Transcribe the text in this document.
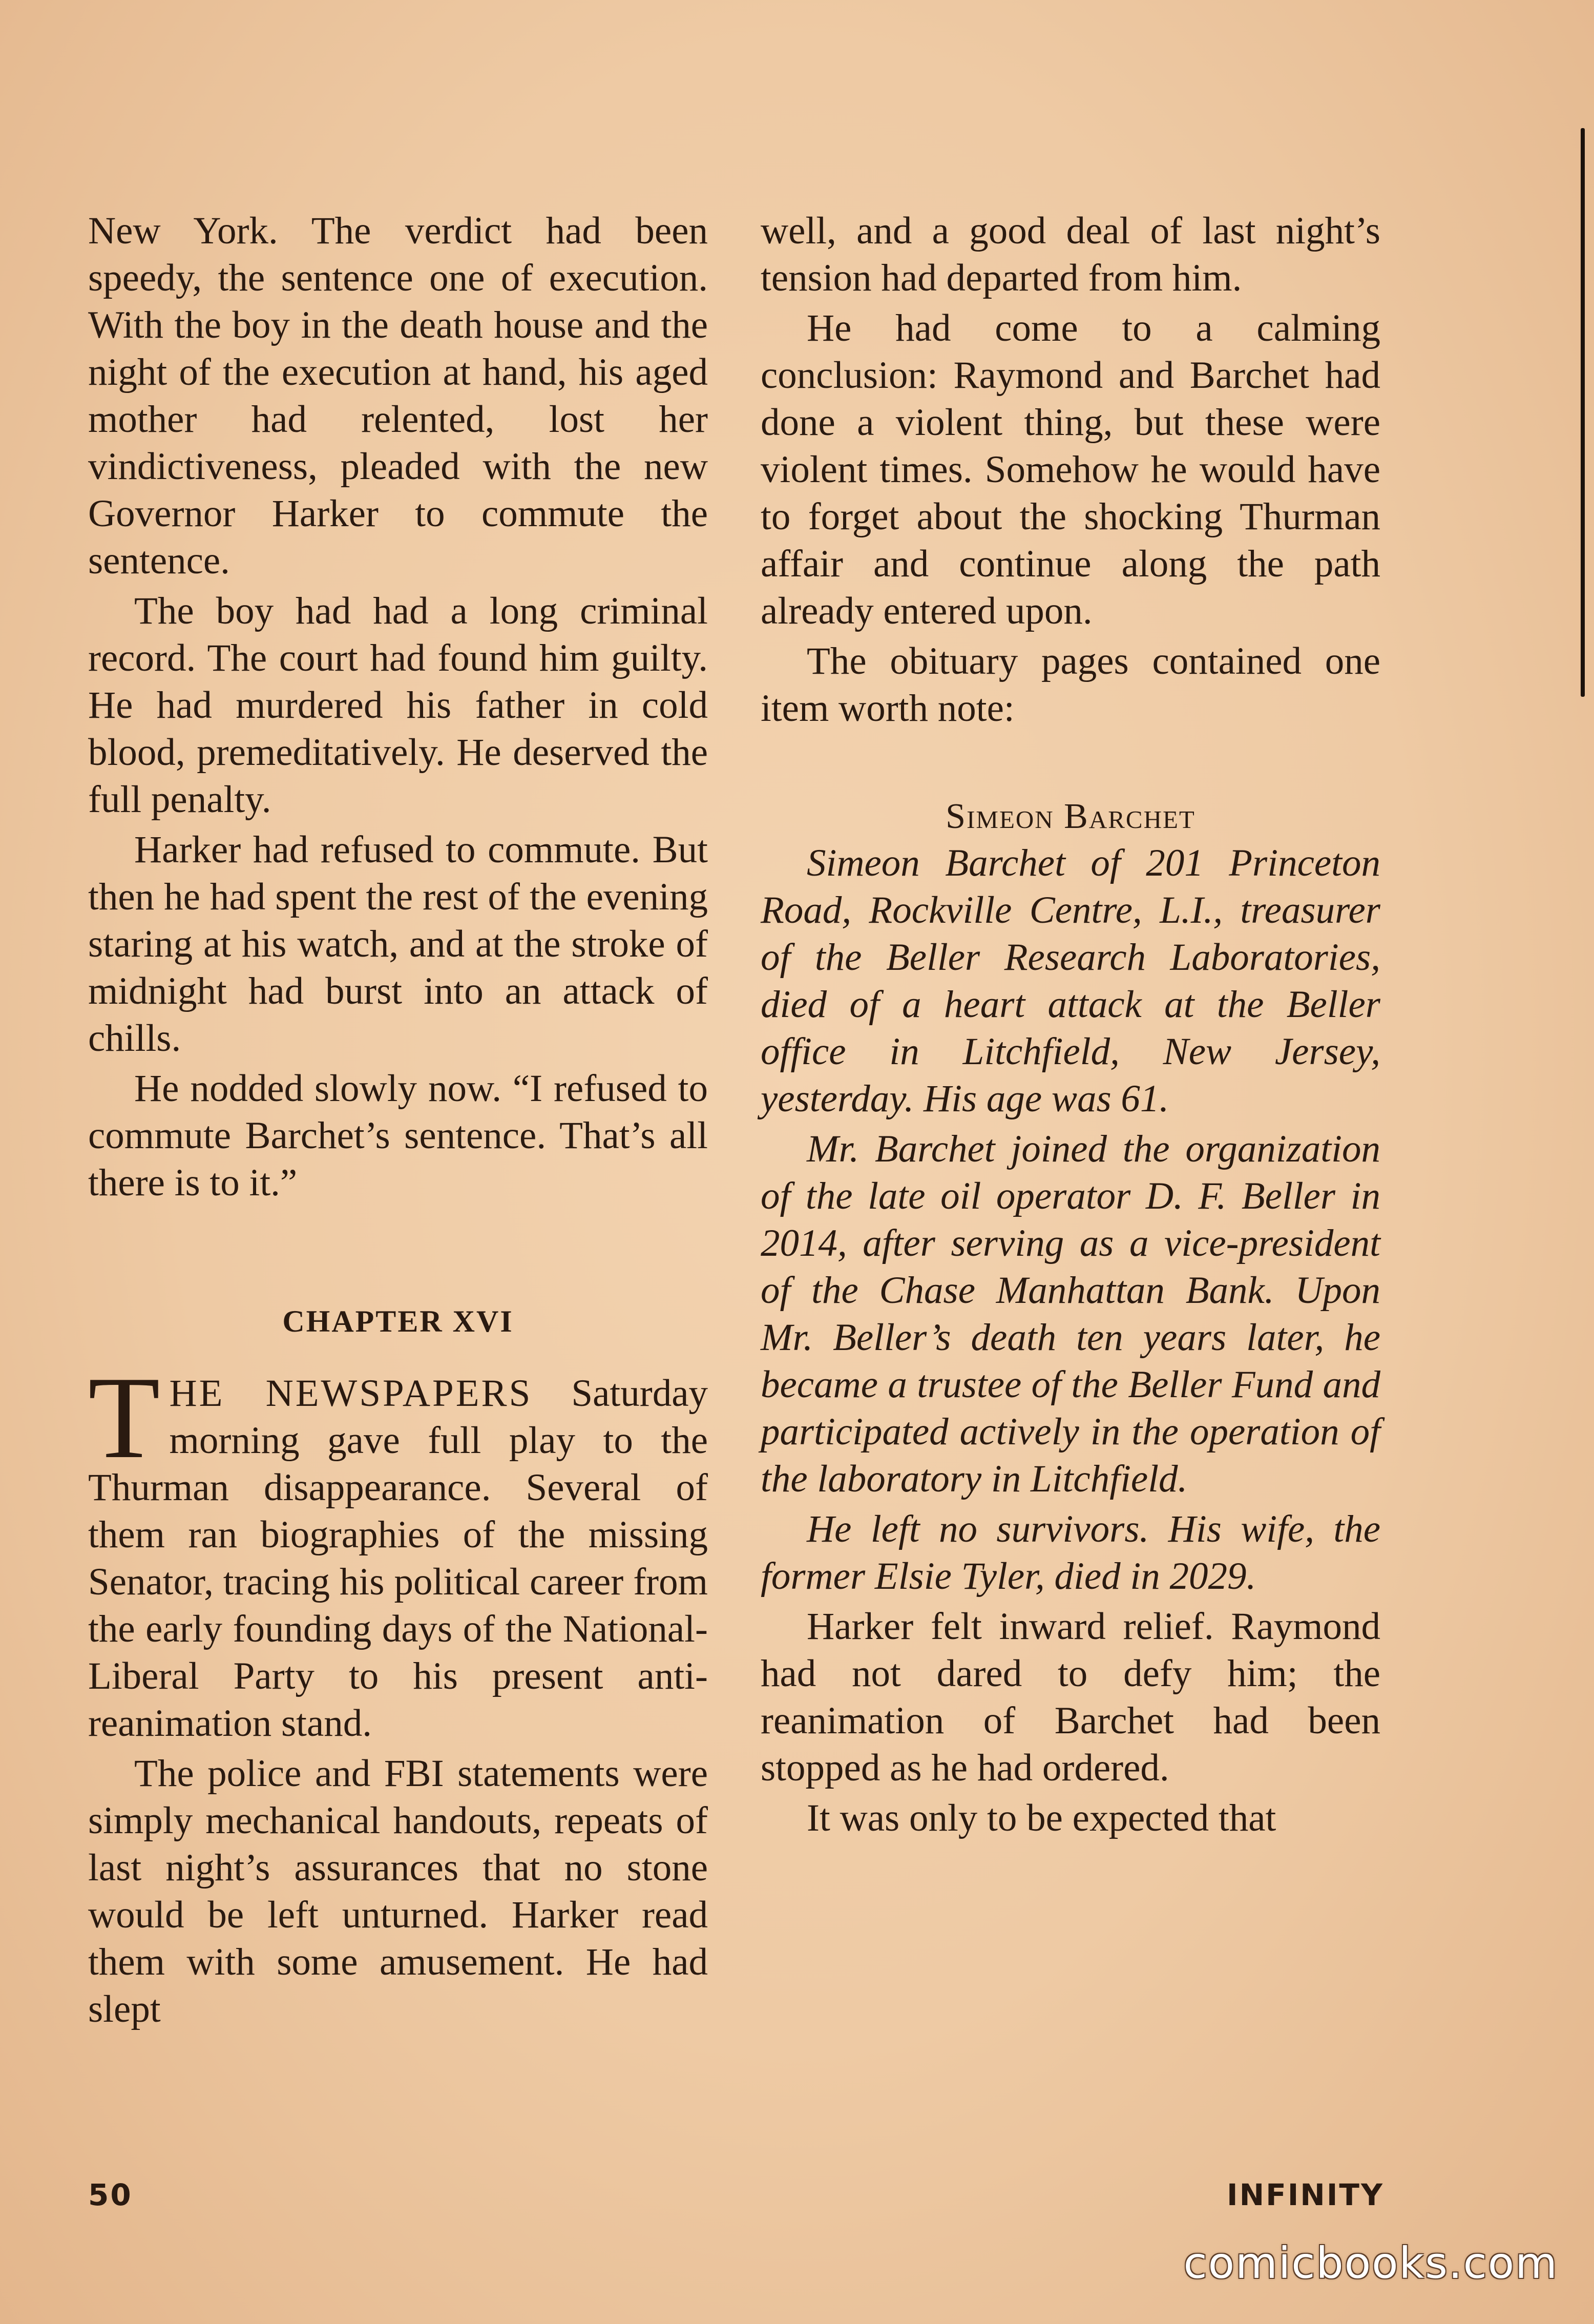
New York. The verdict had been speedy, the sentence one of execution. With the boy in the death house and the night of the execution at hand, his aged mother had relented, lost her vindictiveness, pleaded with the new Governor Harker to commute the sentence.

The boy had had a long criminal record. The court had found him guilty. He had murdered his father in cold blood, premeditatively. He deserved the full penalty.

Harker had refused to commute. But then he had spent the rest of the evening staring at his watch, and at the stroke of midnight had burst into an attack of chills.

He nodded slowly now. “I refused to commute Barchet’s sentence. That’s all there is to it.”

CHAPTER XVI

THE NEWSPAPERS Saturday morning gave full play to the Thurman disappearance. Several of them ran biographies of the missing Senator, tracing his political career from the early founding days of the National-Liberal Party to his present anti-reanimation stand.

The police and FBI statements were simply mechanical handouts, repeats of last night’s assurances that no stone would be left unturned. Harker read them with some amusement. He had slept

well, and a good deal of last night’s tension had departed from him.

He had come to a calming conclusion: Raymond and Barchet had done a violent thing, but these were violent times. Somehow he would have to forget about the shocking Thurman affair and continue along the path already entered upon.

The obituary pages contained one item worth note:

Simeon Barchet

Simeon Barchet of 201 Princeton Road, Rockville Centre, L.I., treasurer of the Beller Research Laboratories, died of a heart attack at the Beller office in Litchfield, New Jersey, yesterday. His age was 61.

Mr. Barchet joined the organization of the late oil operator D. F. Beller in 2014, after serving as a vice-president of the Chase Manhattan Bank. Upon Mr. Beller’s death ten years later, he became a trustee of the Beller Fund and participated actively in the operation of the laboratory in Litchfield.

He left no survivors. His wife, the former Elsie Tyler, died in 2029.

Harker felt inward relief. Raymond had not dared to defy him; the reanimation of Barchet had been stopped as he had ordered.

It was only to be expected that

50	INFINITY
comicbooks.com
